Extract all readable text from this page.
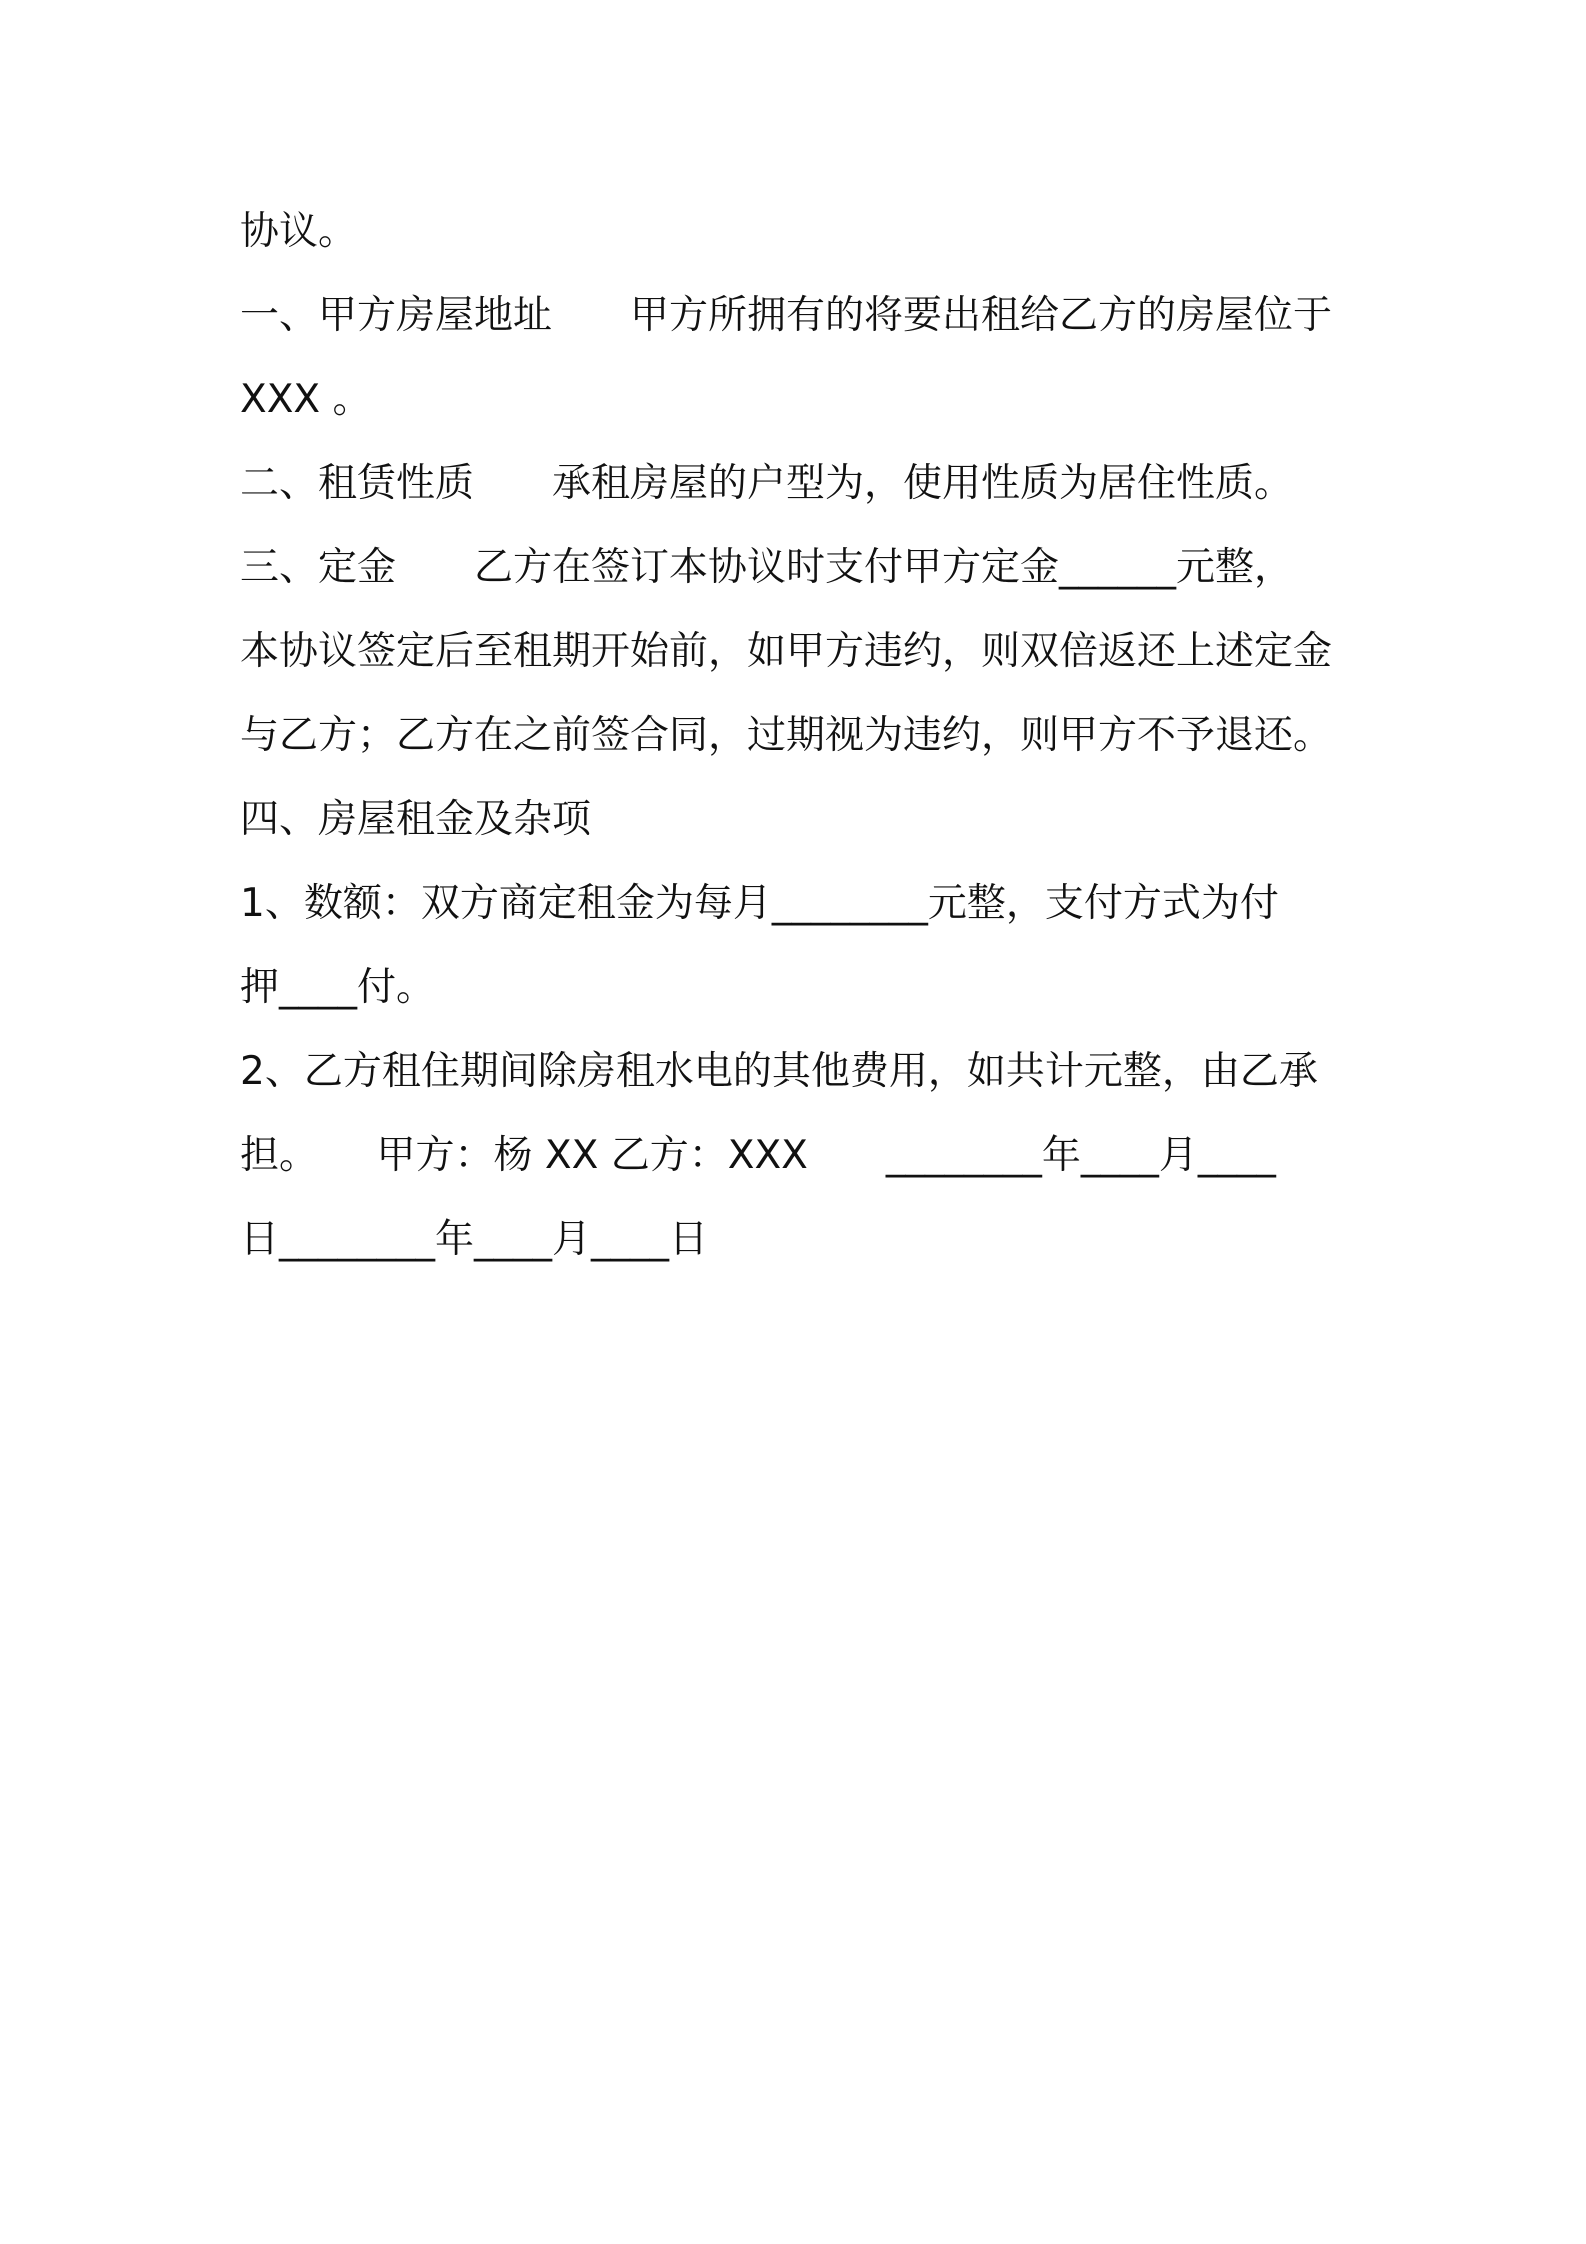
协议。
一、甲方房屋地址　　甲方所拥有的将要出租给乙方的房屋位于
XXX 。
二、租赁性质　　承租房屋的户型为，使用性质为居住性质。
三、定金　　乙方在签订本协议时支付甲方定金______元整，
本协议签定后至租期开始前，如甲方违约，则双倍返还上述定金
与乙方；乙方在之前签合同，过期视为违约，则甲方不予退还。
四、房屋租金及杂项
1、数额：双方商定租金为每月________元整，支付方式为付
押____付。
2、乙方租住期间除房租水电的其他费用，如共计元整，由乙承
担。　　甲方：杨 XX 乙方：XXX　　________年____月____
日________年____月____日
